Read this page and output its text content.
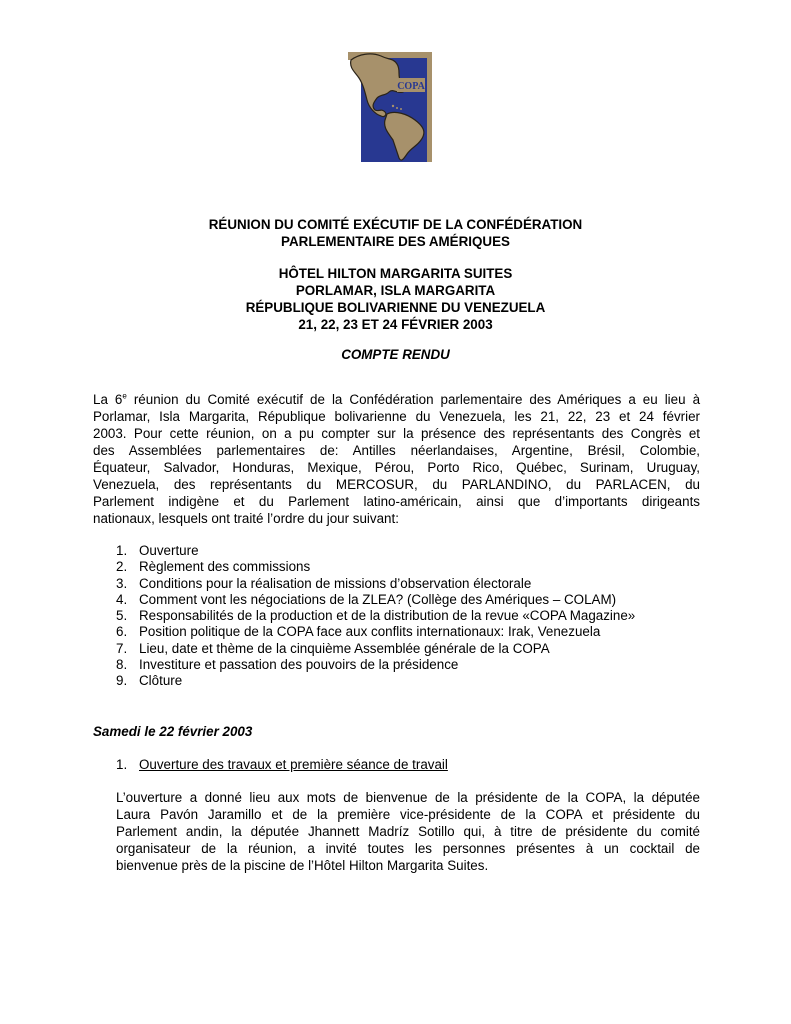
COPA
RÉUNION DU COMITÉ EXÉCUTIF DE LA CONFÉDÉRATION
PARLEMENTAIRE DES AMÉRIQUES
HÔTEL HILTON MARGARITA SUITES
PORLAMAR, ISLA MARGARITA
RÉPUBLIQUE BOLIVARIENNE DU VENEZUELA
21, 22, 23 ET 24 FÉVRIER 2003
COMPTE RENDU
La 6e réunion du Comité exécutif de la Confédération parlementaire des Amériques a eu lieu à
Porlamar, Isla Margarita, République bolivarienne du Venezuela, les 21, 22, 23 et 24 février
2003. Pour cette réunion, on a pu compter sur la présence des représentants des Congrès et
des Assemblées parlementaires de: Antilles néerlandaises, Argentine, Brésil, Colombie,
Équateur, Salvador, Honduras, Mexique, Pérou, Porto Rico, Québec, Surinam, Uruguay,
Venezuela, des représentants du MERCOSUR, du PARLANDINO, du PARLACEN, du
Parlement indigène et du Parlement latino-américain, ainsi que d’importants dirigeants
nationaux, lesquels ont traité l’ordre du jour suivant:
1. Ouverture
2. Règlement des commissions
3. Conditions pour la réalisation de missions d’observation électorale
4. Comment vont les négociations de la ZLEA? (Collège des Amériques – COLAM)
5. Responsabilités de la production et de la distribution de la revue «COPA Magazine»
6. Position politique de la COPA face aux conflits internationaux: Irak, Venezuela
7. Lieu, date et thème de la cinquième Assemblée générale de la COPA
8. Investiture et passation des pouvoirs de la présidence
9. Clôture
Samedi le 22 février 2003
1. Ouverture des travaux et première séance de travail
L’ouverture a donné lieu aux mots de bienvenue de la présidente de la COPA, la députée
Laura Pavón Jaramillo et de la première vice-présidente de la COPA et présidente du
Parlement andin, la députée Jhannett Madríz Sotillo qui, à titre de présidente du comité
organisateur de la réunion, a invité toutes les personnes présentes à un cocktail de
bienvenue près de la piscine de l’Hôtel Hilton Margarita Suites.
